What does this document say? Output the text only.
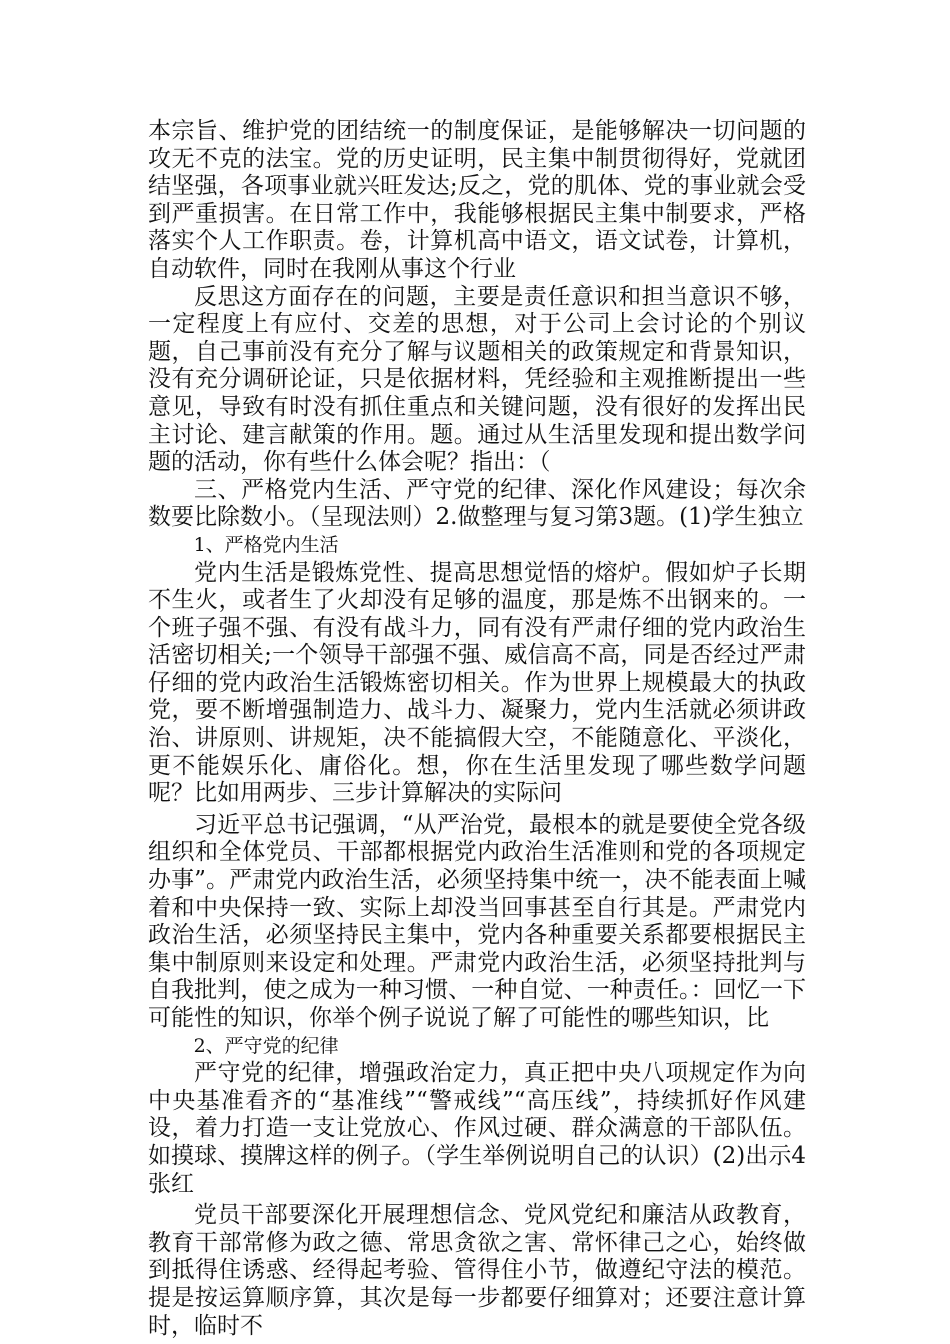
本宗旨、维护党的团结统一的制度保证，是能够解决一切问题的攻无不克的法宝。党的历史证明，民主集中制贯彻得好，党就团结坚强，各项事业就兴旺发达;反之，党的肌体、党的事业就会受到严重损害。在日常工作中，我能够根据民主集中制要求，严格落实个人工作职责。卷，计算机高中语文，语文试卷，计算机，自动软件，同时在我刚从事这个行业

反思这方面存在的问题，主要是责任意识和担当意识不够，一定程度上有应付、交差的思想，对于公司上会讨论的个别议题，自己事前没有充分了解与议题相关的政策规定和背景知识，没有充分调研论证，只是依据材料，凭经验和主观推断提出一些意见，导致有时没有抓住重点和关键问题，没有很好的发挥出民主讨论、建言献策的作用。题。通过从生活里发现和提出数学问题的活动，你有些什么体会呢？指出：（

三、严格党内生活、严守党的纪律、深化作风建设；每次余数要比除数小。（呈现法则）2.做整理与复习第3题。(1)学生独立

1、严格党内生活

党内生活是锻炼党性、提高思想觉悟的熔炉。假如炉子长期不生火，或者生了火却没有足够的温度，那是炼不出钢来的。一个班子强不强、有没有战斗力，同有没有严肃仔细的党内政治生活密切相关;一个领导干部强不强、威信高不高，同是否经过严肃仔细的党内政治生活锻炼密切相关。作为世界上规模最大的执政党，要不断增强制造力、战斗力、凝聚力，党内生活就必须讲政治、讲原则、讲规矩，决不能搞假大空，不能随意化、平淡化，更不能娱乐化、庸俗化。想，你在生活里发现了哪些数学问题呢？比如用两步、三步计算解决的实际问

习近平总书记强调，“从严治党，最根本的就是要使全党各级组织和全体党员、干部都根据党内政治生活准则和党的各项规定办事”。严肃党内政治生活，必须坚持集中统一，决不能表面上喊着和中央保持一致、实际上却没当回事甚至自行其是。严肃党内政治生活，必须坚持民主集中，党内各种重要关系都要根据民主集中制原则来设定和处理。严肃党内政治生活，必须坚持批判与自我批判，使之成为一种习惯、一种自觉、一种责任。：回忆一下可能性的知识，你举个例子说说了解了可能性的哪些知识，比

2、严守党的纪律

严守党的纪律，增强政治定力，真正把中央八项规定作为向中央基准看齐的“基准线”“警戒线”“高压线”，持续抓好作风建设，着力打造一支让党放心、作风过硬、群众满意的干部队伍。如摸球、摸牌这样的例子。（学生举例说明自己的认识）(2)出示4张红

党员干部要深化开展理想信念、党风党纪和廉洁从政教育，教育干部常修为政之德、常思贪欲之害、常怀律己之心，始终做到抵得住诱惑、经得起考验、管得住小节，做遵纪守法的模范。提是按运算顺序算，其次是每一步都要仔细算对；还要注意计算时，临时不
